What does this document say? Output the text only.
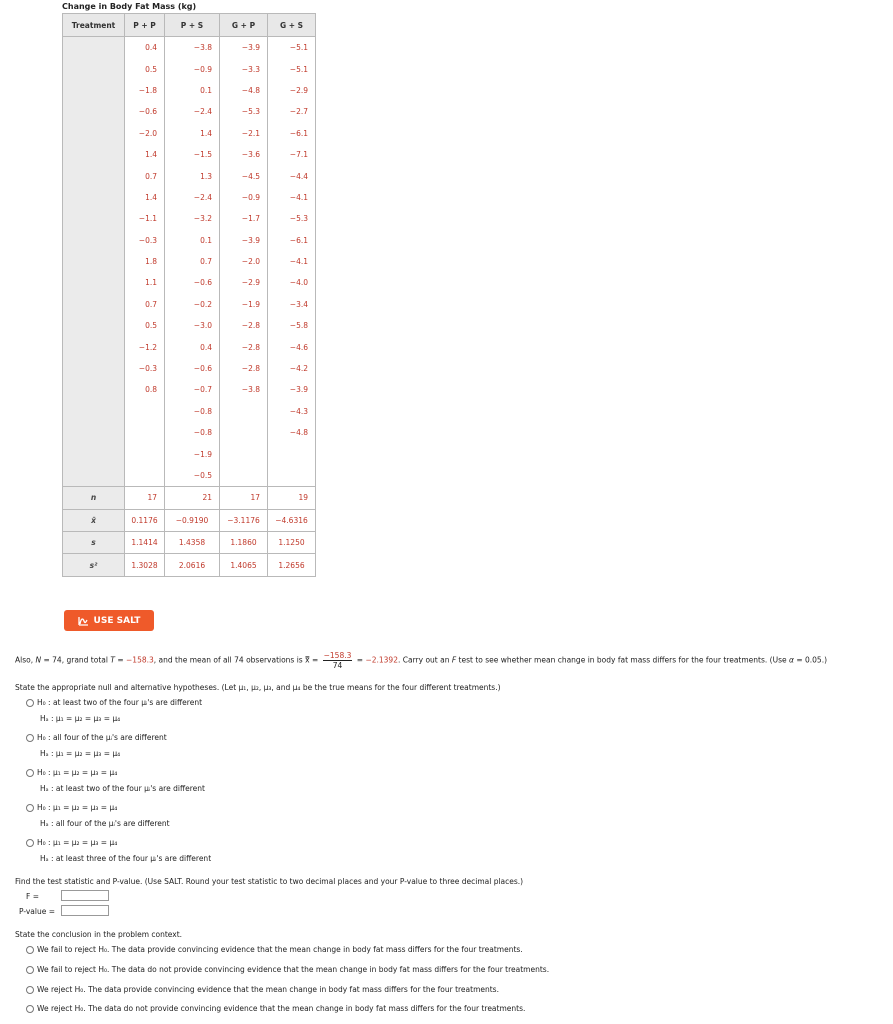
Change in Body Fat Mass (kg)
Treatment	P + P	P + S	G + P	G + S
	0.4	−3.8	−3.9	−5.1
	0.5	−0.9	−3.3	−5.1
	−1.8	0.1	−4.8	−2.9
	−0.6	−2.4	−5.3	−2.7
	−2.0	1.4	−2.1	−6.1
	1.4	−1.5	−3.6	−7.1
	0.7	1.3	−4.5	−4.4
	1.4	−2.4	−0.9	−4.1
	−1.1	−3.2	−1.7	−5.3
	−0.3	0.1	−3.9	−6.1
	1.8	0.7	−2.0	−4.1
	1.1	−0.6	−2.9	−4.0
	0.7	−0.2	−1.9	−3.4
	0.5	−3.0	−2.8	−5.8
	−1.2	0.4	−2.8	−4.6
	−0.3	−0.6	−2.8	−4.2
	0.8	−0.7	−3.8	−3.9
		−0.8		−4.3
		−0.8		−4.8
		−1.9		
		−0.5		
n	17	21	17	19
x̄	0.1176	−0.9190	−3.1176	−4.6316
s	1.1414	1.4358	1.1860	1.1250
s²	1.3028	2.0616	1.4065	1.2656
USE SALT
Also, N = 74, grand total T = −158.3, and the mean of all 74 observations is x̿ = $\frac{-158.3}{74} = -2.1392$. Carry out an F test to see whether mean change in body fat mass differs for the four treatments. (Use α = 0.05.)
State the appropriate null and alternative hypotheses. (Let μ₁, μ₂, μ₃, and μ₄ be the true means for the four different treatments.)
H₀ : at least two of the four μᵢ's are different
Hₐ : μ₁ = μ₂ = μ₃ = μ₄
H₀ : all four of the μᵢ's are different
Hₐ : μ₁ = μ₂ = μ₃ = μ₄
H₀ : μ₁ = μ₂ = μ₃ = μ₄
Hₐ : at least two of the four μᵢ's are different
H₀ : μ₁ = μ₂ = μ₃ = μ₄
Hₐ : all four of the μᵢ's are different
H₀ : μ₁ = μ₂ = μ₃ = μ₄
Hₐ : at least three of the four μᵢ's are different
Find the test statistic and P-value. (Use SALT. Round your test statistic to two decimal places and your P-value to three decimal places.)
F =
P-value =
State the conclusion in the problem context.
We fail to reject H₀. The data provide convincing evidence that the mean change in body fat mass differs for the four treatments.
We fail to reject H₀. The data do not provide convincing evidence that the mean change in body fat mass differs for the four treatments.
We reject H₀. The data provide convincing evidence that the mean change in body fat mass differs for the four treatments.
We reject H₀. The data do not provide convincing evidence that the mean change in body fat mass differs for the four treatments.
